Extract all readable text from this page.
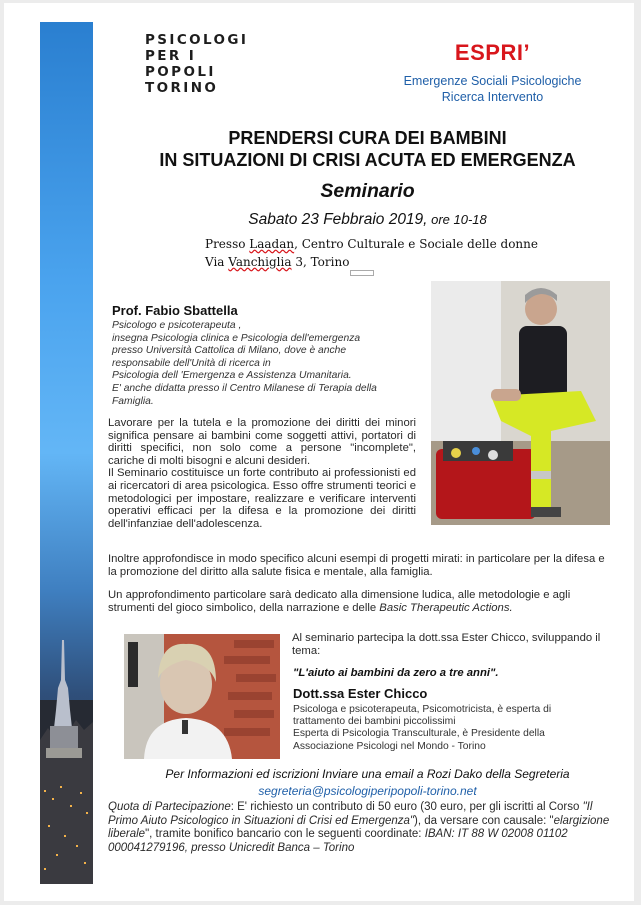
PSICOLOGI
PER I POPOLI
TORINO
ESPRI’
Emergenze Sociali Psicologiche
Ricerca Intervento
PRENDERSI CURA DEI BAMBINI
IN SITUAZIONI DI CRISI ACUTA ED EMERGENZA
Seminario
Sabato 23 Febbraio 2019, ore 10-18
Presso Laadan, Centro Culturale e Sociale delle donne
Via Vanchiglia 3, Torino
Prof. Fabio Sbattella
Psicologo e psicoterapeuta ,
insegna Psicologia clinica e Psicologia dell'emergenza
presso Università Cattolica di Milano, dove è anche
responsabile dell'Unità di ricerca in
Psicologia dell 'Emergenza e Assistenza Umanitaria.
E' anche didatta presso il Centro Milanese di Terapia della
Famiglia.

Lavorare per la tutela e la promozione dei diritti dei minori significa pensare ai bambini come soggetti attivi, portatori di diritti specifici, non solo come a persone "incomplete", cariche di molti bisogni e alcuni desideri.

Il Seminario costituisce un forte contributo ai professionisti ed ai ricercatori di area psicologica. Esso offre strumenti teorici e metodologici per impostare, realizzare e verificare interventi operativi efficaci per la difesa e la promozione dei diritti dell'infanziae dell'adolescenza.

Inoltre approfondisce in modo specifico alcuni esempi di progetti mirati: in particolare per la difesa e la promozione del diritto alla salute fisica e mentale, alla famiglia.
Un approfondimento particolare sarà dedicato alla dimensione ludica, alle metodologie e agli strumenti del gioco simbolico, della narrazione e delle Basic Therapeutic Actions.
Al seminario partecipa la dott.ssa Ester Chicco, sviluppando il tema:
"L'aiuto ai bambini da zero a tre anni".
Dott.ssa Ester Chicco
Psicologa e psicoterapeuta, Psicomotricista, è esperta di
trattamento dei bambini piccolissimi
Esperta di Psicologia Transculturale, è Presidente della
Associazione Psicologi nel Mondo - Torino
Per Informazioni ed iscrizioni Inviare una email a Rozi Dako della Segreteria
segreteria@psicologiperipopoli-torino.net
Quota di Partecipazione: E' richiesto un contributo di 50 euro (30 euro, per gli iscritti al Corso "Il Primo Aiuto Psicologico in Situazioni di Crisi ed Emergenza"), da versare con causale: "elargizione liberale", tramite bonifico bancario con le seguenti coordinate: IBAN: IT 88 W 02008 01102 000041279196, presso Unicredit Banca – Torino
